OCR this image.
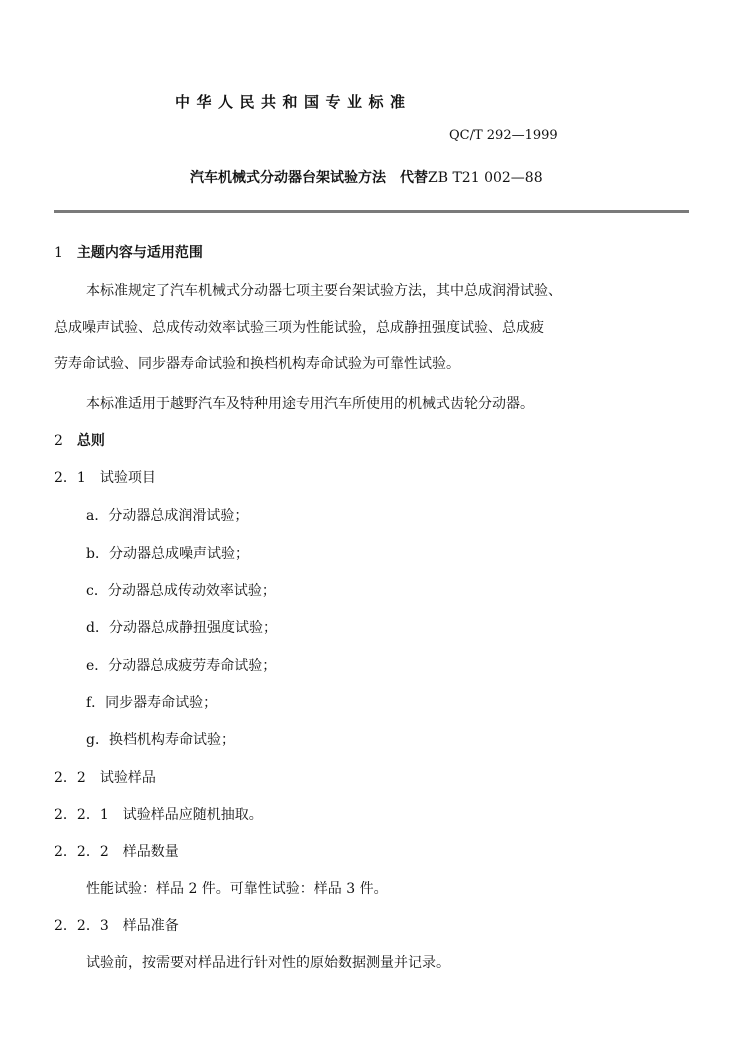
中华人民共和国专业标准
QC/T 292—1999
汽车机械式分动器台架试验方法 代替ZB T21 002—88
1 主题内容与适用范围
本标准规定了汽车机械式分动器七项主要台架试验方法，其中总成润滑试验、
总成噪声试验、总成传动效率试验三项为性能试验，总成静扭强度试验、总成疲
劳寿命试验、同步器寿命试验和换档机构寿命试验为可靠性试验。
本标准适用于越野汽车及特种用途专用汽车所使用的机械式齿轮分动器。
2 总则
2．1　试验项目
a．分动器总成润滑试验；
b．分动器总成噪声试验；
c．分动器总成传动效率试验；
d．分动器总成静扭强度试验；
e．分动器总成疲劳寿命试验；
f．同步器寿命试验；
g．换档机构寿命试验；
2．2　试验样品
2．2．1　试验样品应随机抽取。
2．2．2　样品数量
性能试验：样品 2 件。可靠性试验：样品 3 件。
2．2．3　样品准备
试验前，按需要对样品进行针对性的原始数据测量并记录。
